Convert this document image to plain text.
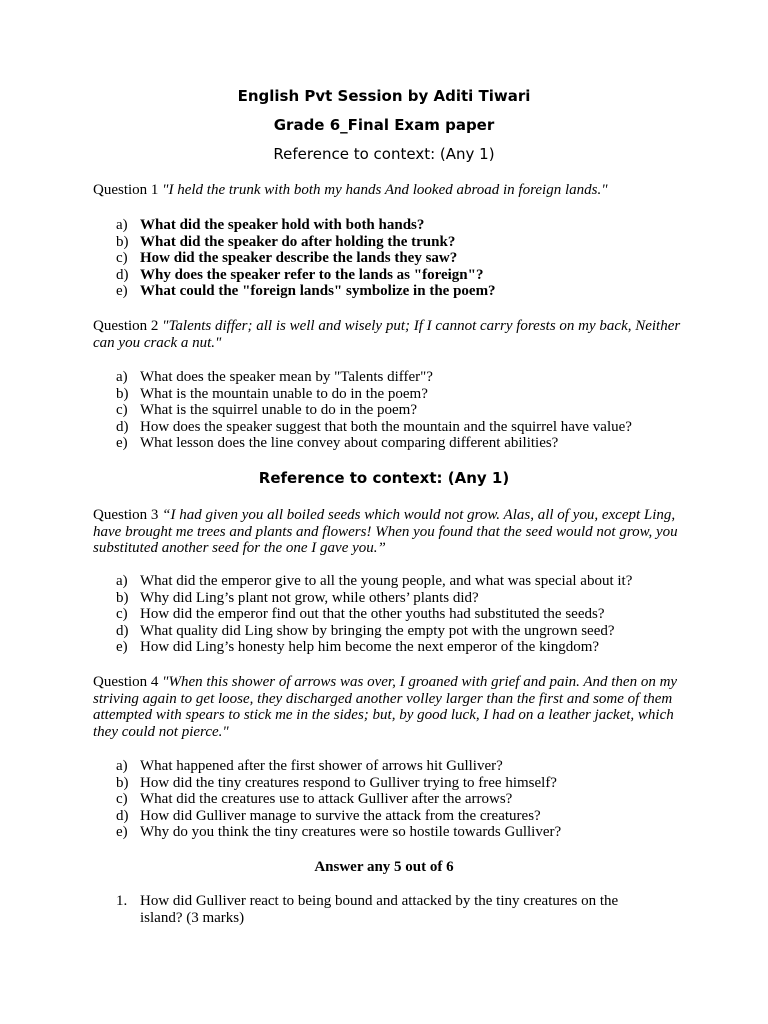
English Pvt Session by Aditi Tiwari
Grade 6_Final Exam paper
Reference to context: (Any 1)
Question 1 "I held the trunk with both my hands And looked abroad in foreign lands."
a) What did the speaker hold with both hands?
b) What did the speaker do after holding the trunk?
c) How did the speaker describe the lands they saw?
d) Why does the speaker refer to the lands as "foreign"?
e) What could the "foreign lands" symbolize in the poem?
Question 2 "Talents differ; all is well and wisely put; If I cannot carry forests on my back, Neither can you crack a nut."
a) What does the speaker mean by "Talents differ"?
b) What is the mountain unable to do in the poem?
c) What is the squirrel unable to do in the poem?
d) How does the speaker suggest that both the mountain and the squirrel have value?
e) What lesson does the line convey about comparing different abilities?
Reference to context: (Any 1)
Question 3 “I had given you all boiled seeds which would not grow. Alas, all of you, except Ling, have brought me trees and plants and flowers! When you found that the seed would not grow, you substituted another seed for the one I gave you.”
a) What did the emperor give to all the young people, and what was special about it?
b) Why did Ling’s plant not grow, while others’ plants did?
c) How did the emperor find out that the other youths had substituted the seeds?
d) What quality did Ling show by bringing the empty pot with the ungrown seed?
e) How did Ling’s honesty help him become the next emperor of the kingdom?
Question 4 "When this shower of arrows was over, I groaned with grief and pain. And then on my striving again to get loose, they discharged another volley larger than the first and some of them attempted with spears to stick me in the sides; but, by good luck, I had on a leather jacket, which they could not pierce."
a) What happened after the first shower of arrows hit Gulliver?
b) How did the tiny creatures respond to Gulliver trying to free himself?
c) What did the creatures use to attack Gulliver after the arrows?
d) How did Gulliver manage to survive the attack from the creatures?
e) Why do you think the tiny creatures were so hostile towards Gulliver?
Answer any 5 out of 6
1. How did Gulliver react to being bound and attacked by the tiny creatures on the island? (3 marks)
